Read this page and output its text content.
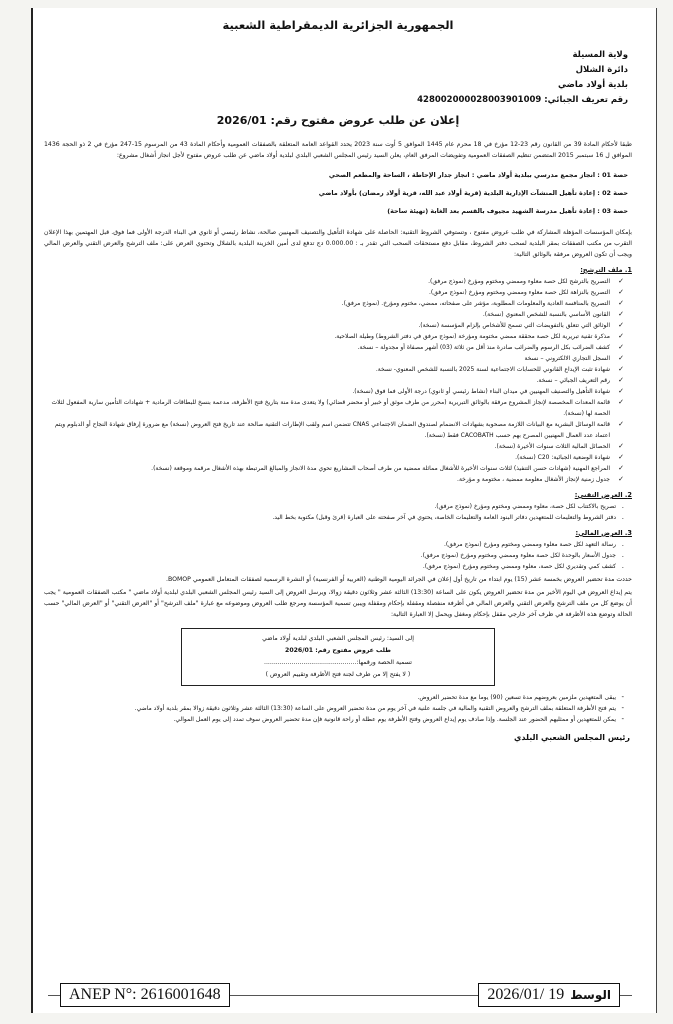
الجمهورية الجزائرية الديمقراطية الشعبية
ولاية المسيلة
دائرة الشلال
بلدية أولاد ماضي
رقم تعريف الجبائي: 428002000028003901009
إعلان عن طلب عروض مفتوح رقم: 2026/01
طبقا لأحكام المادة 39 من القانون رقم 23-12 مؤرخ في 18 محرم عام 1445 الموافق 5 أوت سنة 2023 يحدد القواعد العامة المتعلقة بالصفقات العمومية وأحكام المادة 43 من المرسوم 15-247 مؤرخ في 2 ذو الحجة 1436 الموافق ل 16 سبتمبر 2015 المتضمن تنظيم الصفقات العمومية وتفويضات المرفق العام، يعلن السيد رئيس المجلس الشعبي البلدي لبلدية أولاد ماضي عن طلب عروض مفتوح لأجل انجاز أشغال مشروع:
حصة 01 : انجاز مجمع مدرسي ببلدية أولاد ماضي : انجاز جدار الإحاطة ، الساحة والمطعم الصحي
حصة 02 : إعادة تأهيل المنشآت الإدارية البلدية (قرية أولاد عبد الله، قرية أولاد رمضان) بأولاد ماضي
حصة 03 : إعادة تأهيل مدرسة الشهيد مجيوف بالقسم بعد الغابة (تهيئة ساحة)
بإمكان المؤسسات المؤهلة المشاركة في طلب عروض مفتوح ، وتستوفي الشروط التقنية: الحاصلة على شهادة التأهيل والتصنيف المهنيين صالحة، نشاط رئيسي أو ثانوي في البناء الدرجة الأولى فما فوق. قبل المهتمين بهذا الإعلان التقرب من مكتب الصفقات بمقر البلدية لسحب دفتر الشروط، مقابل دفع مستحقات السحب التي تقدر بـ : 0.000.00 دج تدفع لدى أمين الخزينة البلدية بالشلال وتحتوي العرض على: ملف الترشح والعرض التقني والعرض المالي ويجب أن تكون العروض مرفقة بالوثائق التالية:
1. ملف الترشح:
✓
التصريح بالترشح لكل حصة معلوء وممضي ومختوم ومؤرخ (نموذج مرفق).
✓
التصريح بالنزاهة لكل حصة معلوء وممضي ومختوم ومؤرخ (نموذج مرفق).
✓
التصريح بالمنافسة العادية والمعلومات المطلوبة، مؤشر على صفحاته، ممضي، مختوم ومؤرخ. (نموذج مرفق).
✓
القانون الأساسي بالنسبة للشخص المعنوي (نسخة).
✓
الوثائق التي تتعلق بالتفويضات التي تسمح للأشخاص بإلزام المؤسسة (نسخة).
✓
مذكرة تقنية تبريرية لكل حصة محققة ممضي مختومة ومؤرخة (نموذج مرفق في دفتر الشروط) وطيلة الصلاحية.
✓
كشف الضرائب بكل الرسوم والضرائب صادرة منذ أقل من ثلاثة (03) أشهر مصفاة أو مجدولة – نسخة.
✓
السجل التجاري الالكتروني – نسخة
✓
شهادة تثبت الإيداع القانوني للحسابات الاجتماعية لسنة 2025 بالنسبة للشخص المعنوي- نسخة.
✓
رقم التعريف الجبائي – نسخة.
✓
شهادة التأهيل والتصنيف المهنيين في ميدان البناء (نشاط رئيسي أو ثانوي) درجة الأولى فما فوق (نسخة).
✓
قائمة المعدات المخصصة لإنجاز المشروع مرفقة بالوثائق التبريرية (محرر من طرف موثق أو خبير أو محضر قضائي) ولا يتعدى مدة منة بتاريخ فتح الأظرفة، مدعمة بنسخ للبطاقات الرمادية + شهادات التأمين سارية المفعول لثلاث الحصة لها (نسخة).
✓
قائمة الوسائل البشرية مع البيانات اللازمة مصحوبة بشهادات الانضمام لصندوق الضمان الاجتماعي CNAS تتضمن اسم ولقب الإطارات التقنية صالحة عند تاريخ فتح العروض (نسخة) مع ضرورة إرفاق شهادة النجاح أو الدبلوم ويتم اعتماد عدد العمال المهنيين المصرح بهم حسب CACOBATH فقط (نسخة).
✓
الحصائل المالية الثلاث سنوات الأخيرة (نسخة).
✓
شهادة الوضعية الجبائية: C20 (نسخة).
✓
المراجع المهنية (شهادات حسن التنفيذ) لثلاث سنوات الأخيرة للأشغال مماثلة ممضية من طرف أصحاب المشاريع تحوي مدة الانجاز والمبالغ المرتبطة بهذه الأشغال مرقمة وموقعة (نسخة).
✓
جدول زمنية لإنجاز الأشغال معلومة ممضية ، مختومة و مؤرخة.
2. العرض التقني:
.
تصريح بالاكتتاب لكل حصة، معلوء وممضي ومختوم ومؤرخ (نموذج مرفق).
.
دفتر الشروط والتعليمات للمتعهدين دفاتر البنود العامة والتعليمات الخاصة، يحتوي في آخر صفحته على العبارة (قرئ وقبل) مكتوبة بخط اليد.
3. العرض المالي:
.
رسالة التعهد لكل حصة معلوء وممضي ومختوم ومؤرخ (نموذج مرفق).
.
جدول الأسعار بالوحدة لكل حصة معلوء وممضي ومختوم ومؤرخ (نموذج مرفق).
.
كشف كمي وتقديري لكل حصة، معلوء وممضي ومختوم ومؤرخ (نموذج مرفق).
حددت مدة تحضير العروض بخمسة عشر (15) يوم ابتداء من تاريخ أول إعلان في الجرائد اليومية الوطنية (العربية أو الفرنسية) أو النشرة الرسمية لصفقات المتعامل العمومي BOMOP.
يتم إيداع العروض في اليوم الأخير من مدة تحضير العروض يكون على الساعة (13:30) الثالثة عشر وثلاثون دقيقة زوالا، ويرسل العروض إلى السيد رئيس المجلس الشعبي البلدي لبلدية أولاد ماضي " مكتب الصفقات العمومية " يجب أن يوضع كل من ملف الترشح والعرض التقني والعرض المالي في أظرفة منفصلة ومقفلة بإحكام ومقفلة ويبين تسمية المؤسسة ومرجع طلب العروض وموضوعه مع عبارة "ملف الترشح" أو "العرض التقني" أو "العرض المالي" حسب الحالة وتوضع هذه الأظرفة في ظرف آخر خارجي مقفل بإحكام ومغفل ويحمل إلا العبارة التالية:
إلى السيد: رئيس المجلس الشعبي البلدي لبلدية أولاد ماضي
طلب عروض مفتوح رقم: 2026/01
تسمية الحصة ورقمها:...............................................
( لا يفتح إلا من طرف لجنة فتح الأظرفة وتقييم العروض )
-
يبقى المتعهدين ملزمين بعروضهم مدة تسعين (90) يوما مع مدة تحضير العروض.
-
يتم فتح الأظرفة المتعلقة بملف الترشح والعروض التقنية والمالية في جلسة علنية في آخر يوم من مدة تحضير العروض على الساعة (13:30) الثالثة عشر وثلاثون دقيقة زوالا بمقر بلدية أولاد ماضي.
-
يمكن للمتعهدين أو ممثليهم الحضور عند الجلسة. وإذا صادف يوم إيداع العروض وفتح الأظرفة يوم عطلة أو راحة قانونية فإن مدة تحضير العروض سوف تمدد إلى يوم العمل الموالي.
رئيس المجلس الشعبي البلدي
ANEP N°: 2616001648	2026/01/ 19 الوسط
